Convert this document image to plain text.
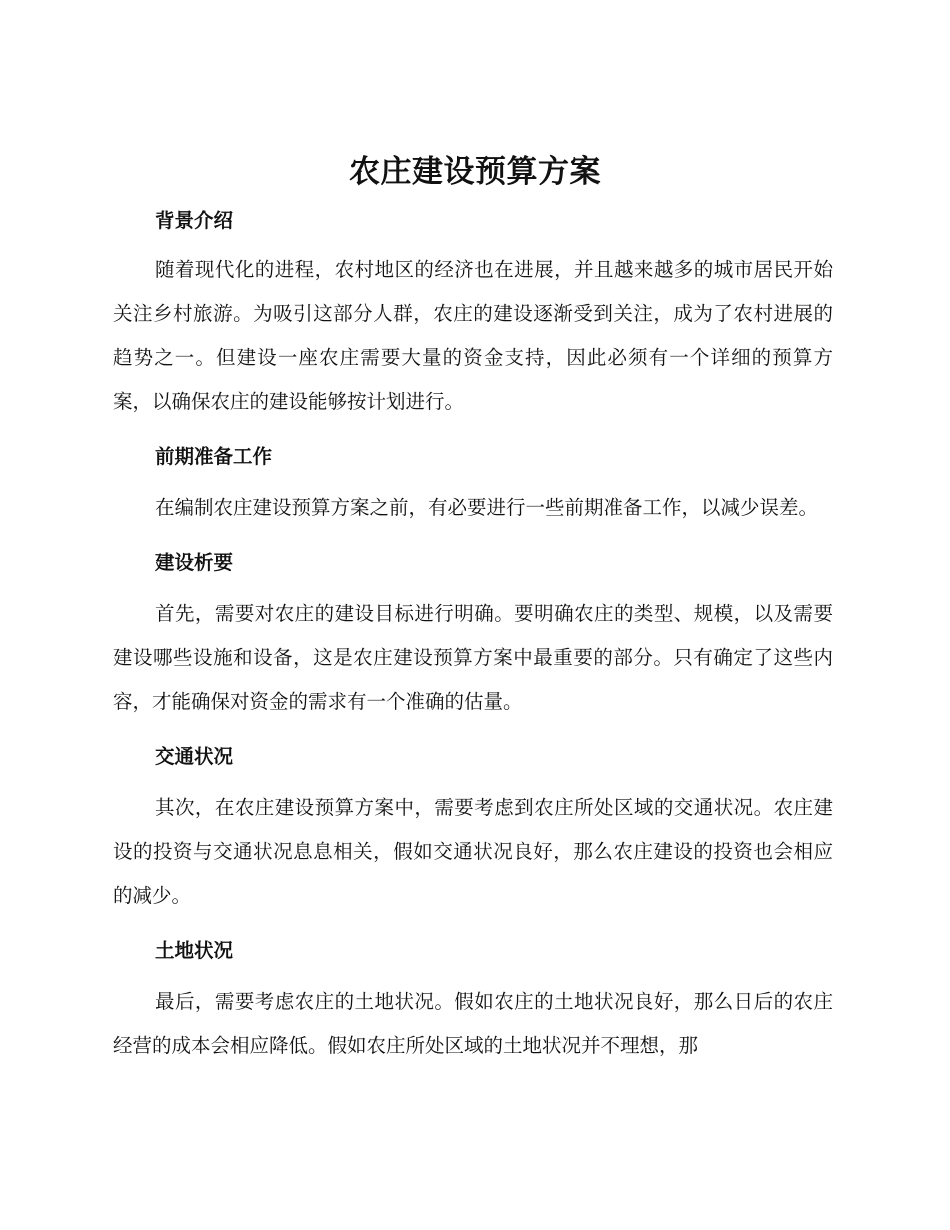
农庄建设预算方案
背景介绍

随着现代化的进程，农村地区的经济也在进展，并且越来越多的城市居民开始关注乡村旅游。为吸引这部分人群，农庄的建设逐渐受到关注，成为了农村进展的趋势之一。但建设一座农庄需要大量的资金支持，因此必须有一个详细的预算方案，以确保农庄的建设能够按计划进行。

前期准备工作

在编制农庄建设预算方案之前，有必要进行一些前期准备工作，以减少误差。

建设析要

首先，需要对农庄的建设目标进行明确。要明确农庄的类型、规模，以及需要建设哪些设施和设备，这是农庄建设预算方案中最重要的部分。只有确定了这些内容，才能确保对资金的需求有一个准确的估量。

交通状况

其次，在农庄建设预算方案中，需要考虑到农庄所处区域的交通状况。农庄建设的投资与交通状况息息相关，假如交通状况良好，那么农庄建设的投资也会相应的减少。

土地状况

最后，需要考虑农庄的土地状况。假如农庄的土地状况良好，那么日后的农庄经营的成本会相应降低。假如农庄所处区域的土地状况并不理想，那
